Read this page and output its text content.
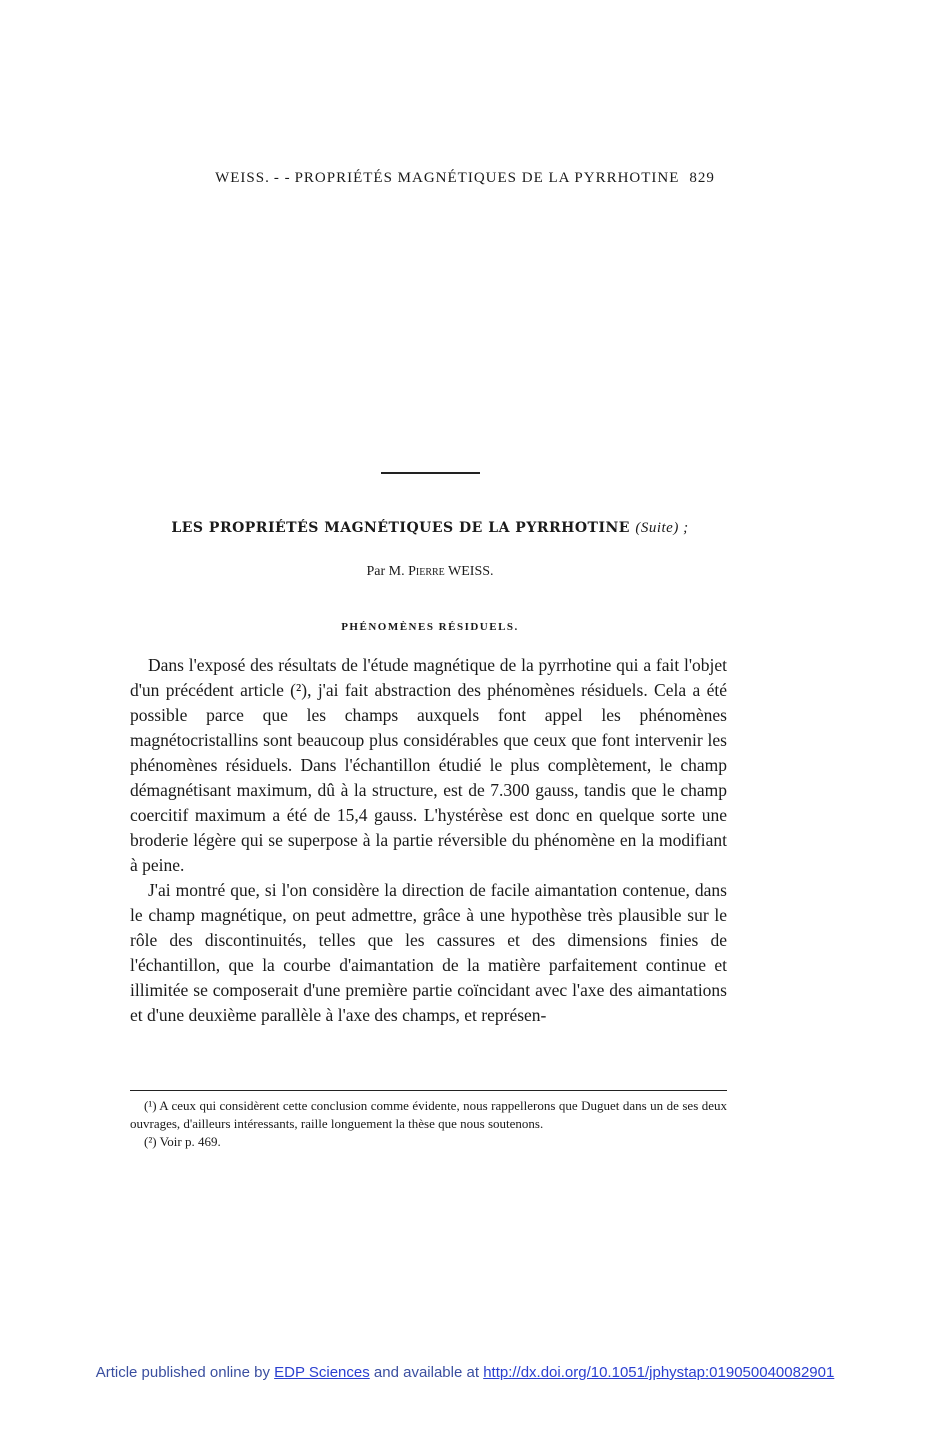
WEISS. - - PROPRIÉTÉS MAGNÉTIQUES DE LA PYRRHOTINE 829
LES PROPRIÉTÉS MAGNÉTIQUES DE LA PYRRHOTINE (Suite) ;
Par M. Pierre WEISS.
PHÉNOMÈNES RÉSIDUELS.

Dans l'exposé des résultats de l'étude magnétique de la pyrrhotine qui a fait l'objet d'un précédent article (²), j'ai fait abstraction des phénomènes résiduels. Cela a été possible parce que les champs auxquels font appel les phénomènes magnétocristallins sont beaucoup plus considérables que ceux que font intervenir les phénomènes résiduels. Dans l'échantillon étudié le plus complètement, le champ démagnétisant maximum, dû à la structure, est de 7.300 gauss, tandis que le champ coercitif maximum a été de 15,4 gauss. L'hystérèse est donc en quelque sorte une broderie légère qui se superpose à la partie réversible du phénomène en la modifiant à peine.

J'ai montré que, si l'on considère la direction de facile aimantation contenue, dans le champ magnétique, on peut admettre, grâce à une hypothèse très plausible sur le rôle des discontinuités, telles que les cassures et des dimensions finies de l'échantillon, que la courbe d'aimantation de la matière parfaitement continue et illimitée se composerait d'une première partie coïncidant avec l'axe des aimantations et d'une deuxième parallèle à l'axe des champs, et représen-

(¹) A ceux qui considèrent cette conclusion comme évidente, nous rappellerons que Duguet dans un de ses deux ouvrages, d'ailleurs intéressants, raille longuement la thèse que nous soutenons.

(²) Voir p. 469.

Article published online by EDP Sciences and available at http://dx.doi.org/10.1051/jphystap:019050040082901
